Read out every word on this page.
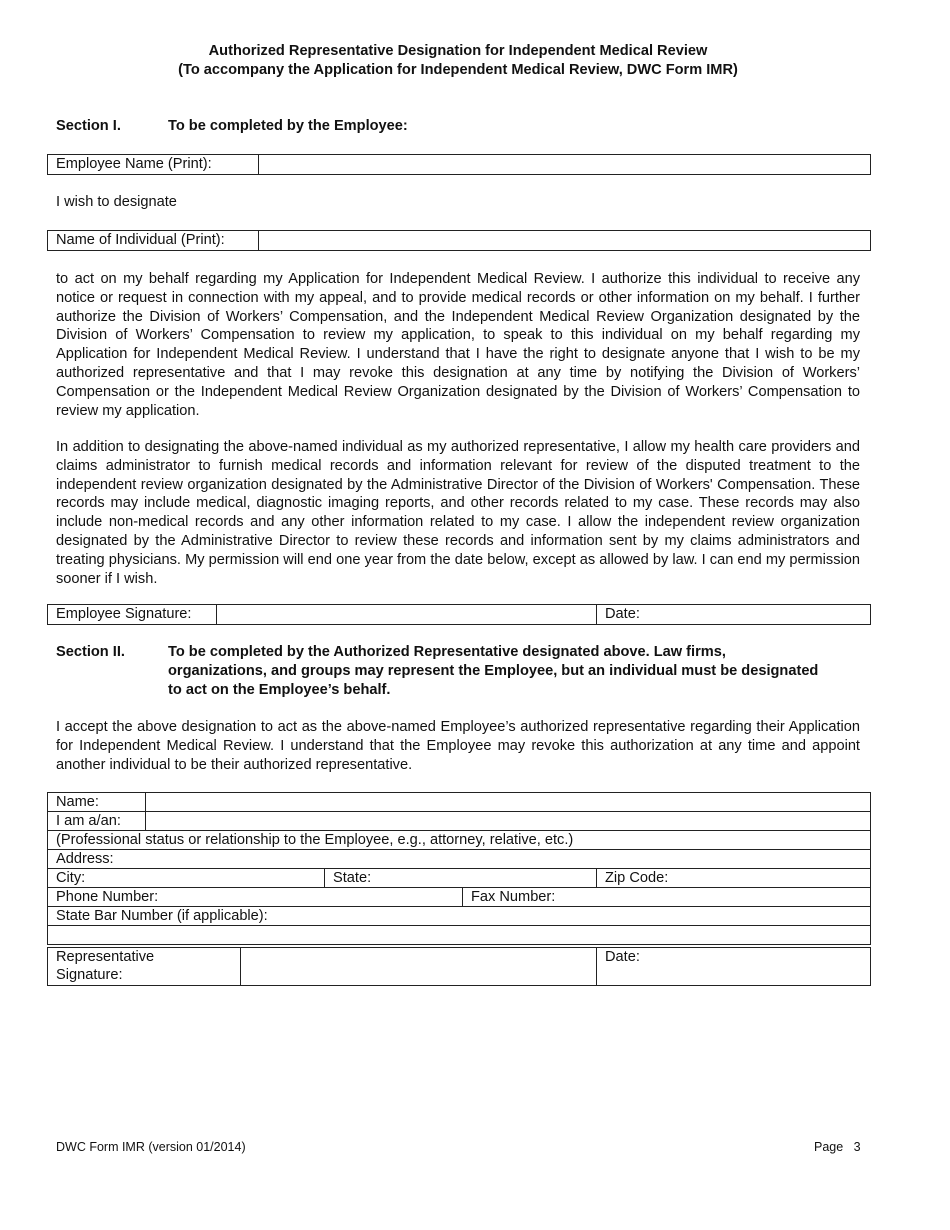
Authorized Representative Designation for Independent Medical Review
(To accompany the Application for Independent Medical Review, DWC Form IMR)
Section I.	To be completed by the Employee:
Employee Name (Print):	
I wish to designate
Name of Individual (Print):	
to act on my behalf regarding my Application for Independent Medical Review. I authorize this individual to receive any notice or request in connection with my appeal, and to provide medical records or other information on my behalf. I further authorize the Division of Workers’ Compensation, and the Independent Medical Review Organization designated by the Division of Workers’ Compensation to review my application, to speak to this individual on my behalf regarding my Application for Independent Medical Review. I understand that I have the right to designate anyone that I wish to be my authorized representative and that I may revoke this designation at any time by notifying the Division of Workers’ Compensation or the Independent Medical Review Organization designated by the Division of Workers’ Compensation to review my application.
In addition to designating the above-named individual as my authorized representative, I allow my health care providers and claims administrator to furnish medical records and information relevant for review of the disputed treatment to the independent review organization designated by the Administrative Director of the Division of Workers' Compensation. These records may include medical, diagnostic imaging reports, and other records related to my case. These records may also include non-medical records and any other information related to my case. I allow the independent review organization designated by the Administrative Director to review these records and information sent by my claims administrators and treating physicians. My permission will end one year from the date below, except as allowed by law. I can end my permission sooner if I wish.
Employee Signature:		Date:
Section II.	To be completed by the Authorized Representative designated above. Law firms,
organizations, and groups may represent the Employee, but an individual must be designated
to act on the Employee’s behalf.
I accept the above designation to act as the above-named Employee’s authorized representative regarding their Application for Independent Medical Review. I understand that the Employee may revoke this authorization at any time and appoint another individual to be their authorized representative.
Name:				
I am a/an:				
(Professional status or relationship to the Employee, e.g., attorney, relative, etc.)				
Address:				
City:		State:		Zip Code:
Phone Number:			Fax Number:	
State Bar Number (if applicable):				

Representative
Signature:
		Date:
DWC Form IMR (version 01/2014)	Page 3
